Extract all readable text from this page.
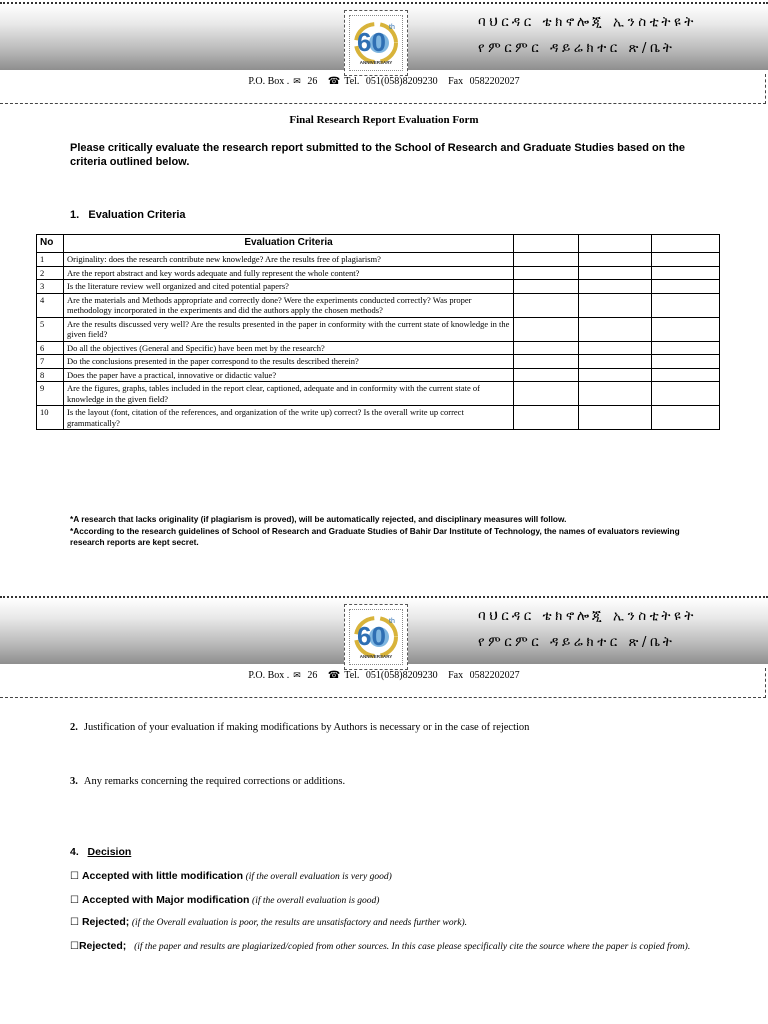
60 th
ANNIVERSARY
ባህርዳር ቴክኖሎጂ ኢንስቲትዩት
የምርምር ዳይሬክተር ጽ/ቤት
P.O. Box . ✉ 26 ☎ Tel. 051(058)8209230 Fax 0582202027
Final Research Report Evaluation Form
Please critically evaluate the research report submitted to the School of Research and Graduate Studies based on the criteria outlined below.
1. Evaluation Criteria
No	Evaluation Criteria			
1	Originality: does the research contribute new knowledge? Are the results free of plagiarism?			
2	Are the report abstract and key words adequate and fully represent the whole content?			
3	Is the literature review well organized and cited potential papers?			
4	Are the materials and Methods appropriate and correctly done? Were the experiments conducted correctly? Was proper methodology incorporated in the experiments and did the authors apply the chosen methods?			
5	Are the results discussed very well? Are the results presented in the paper in conformity with the current state of knowledge in the given field?			
6	Do all the objectives (General and Specific) have been met by the research?			
7	Do the conclusions presented in the paper correspond to the results described therein?			
8	Does the paper have a practical, innovative or didactic value?			
9	Are the figures, graphs, tables included in the report clear, captioned, adequate and in conformity with the current state of knowledge in the given field?			
10	Is the layout (font, citation of the references, and organization of the write up) correct? Is the overall write up correct grammatically?			
*A research that lacks originality (if plagiarism is proved), will be automatically rejected, and disciplinary measures will follow.
*According to the research guidelines of School of Research and Graduate Studies of Bahir Dar Institute of Technology, the names of evaluators reviewing research reports are kept secret.
60 th
ANNIVERSARY
ባህርዳር ቴክኖሎጂ ኢንስቲትዩት
የምርምር ዳይሬክተር ጽ/ቤት
P.O. Box . ✉ 26 ☎ Tel. 051(058)8209230 Fax 0582202027
2. Justification of your evaluation if making modifications by Authors is necessary or in the case of rejection
3. Any remarks concerning the required corrections or additions.
4. Decision
☐ Accepted with little modification (if the overall evaluation is very good)
☐ Accepted with Major modification (if the overall evaluation is good)
☐ Rejected; (if the Overall evaluation is poor, the results are unsatisfactory and needs further work).
☐Rejected; (if the paper and results are plagiarized/copied from other sources. In this case please specifically cite the source where the paper is copied from).
